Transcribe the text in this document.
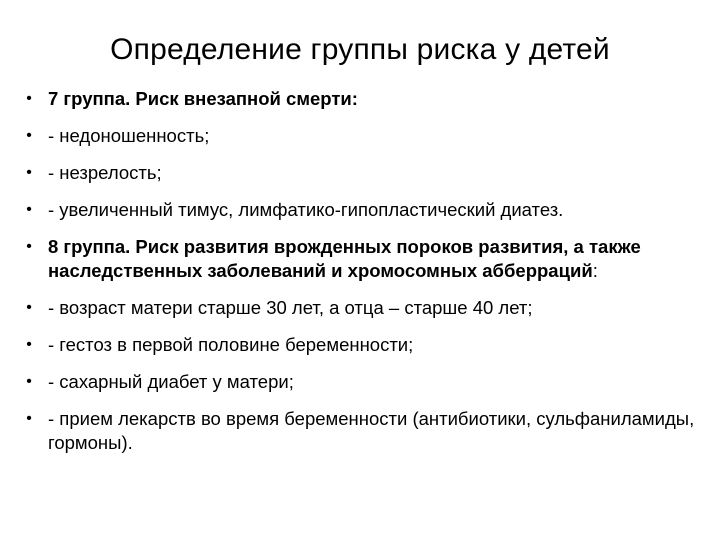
Определение группы риска у детей
• 7 группа. Риск внезапной смерти:
• - недоношенность;
• - незрелость;
• - увеличенный тимус, лимфатико-гипопластический диатез.
• 8 группа. Риск развития врожденных пороков развития, а также наследственных заболеваний и хромосомных абберраций:
• - возраст матери старше 30 лет, а отца – старше 40 лет;
• - гестоз в первой половине беременности;
• - сахарный диабет у матери;
• - прием лекарств во время беременности (антибиотики, сульфаниламиды, гормоны).
